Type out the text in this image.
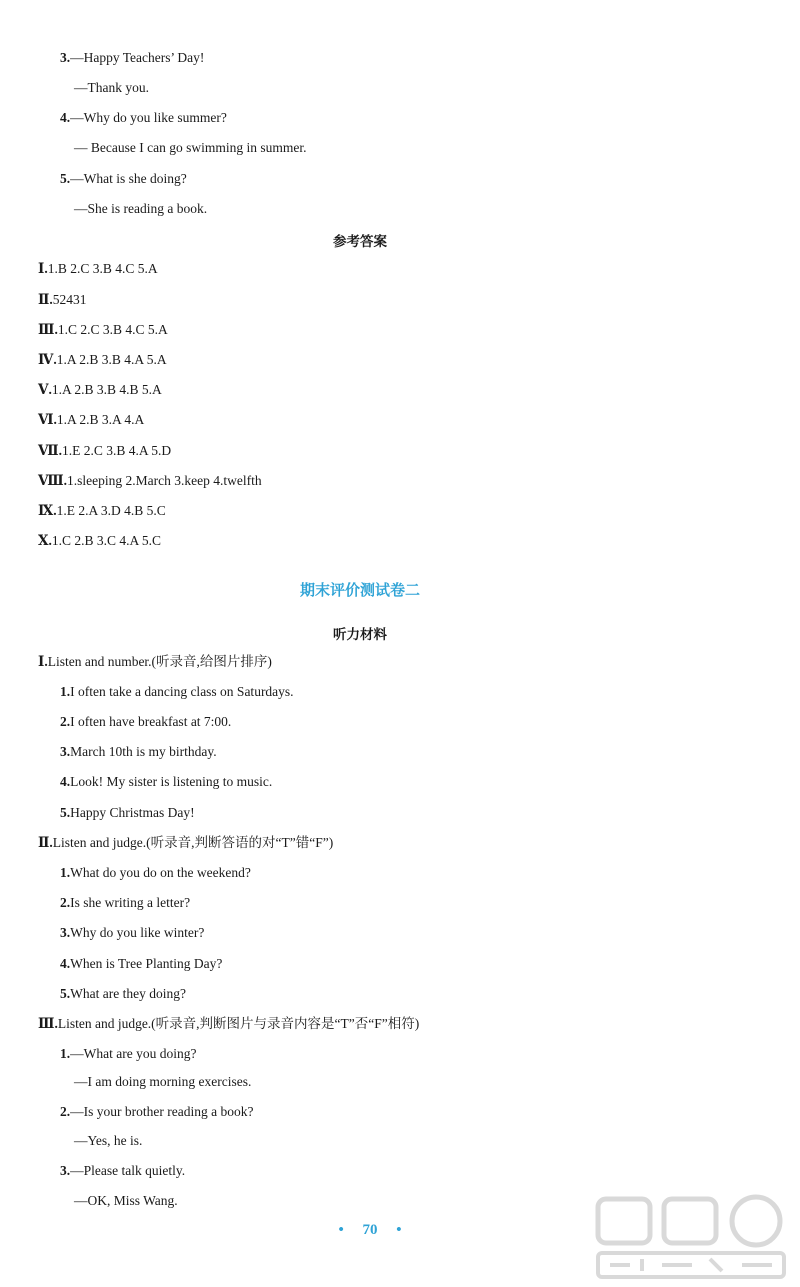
3.—Happy Teachers’ Day!
—Thank you.
4.—Why do you like summer?
— Because I can go swimming in summer.
5.—What is she doing?
—She is reading a book.
参考答案
Ⅰ.1.B 2.C 3.B 4.C 5.A
Ⅱ.52431
Ⅲ.1.C 2.C 3.B 4.C 5.A
Ⅳ.1.A 2.B 3.B 4.A 5.A
Ⅴ.1.A 2.B 3.B 4.B 5.A
Ⅵ.1.A 2.B 3.A 4.A
Ⅶ.1.E 2.C 3.B 4.A 5.D
Ⅷ.1.sleeping 2.March 3.keep 4.twelfth
Ⅸ.1.E 2.A 3.D 4.B 5.C
Ⅹ.1.C 2.B 3.C 4.A 5.C
期末评价测试卷二
听力材料
Ⅰ.Listen and number.(听录音,给图片排序)
1.I often take a dancing class on Saturdays.
2.I often have breakfast at 7:00.
3.March 10th is my birthday.
4.Look! My sister is listening to music.
5.Happy Christmas Day!
Ⅱ.Listen and judge.(听录音,判断答语的对“T”错“F”)
1.What do you do on the weekend?
2.Is she writing a letter?
3.Why do you like winter?
4.When is Tree Planting Day?
5.What are they doing?
Ⅲ.Listen and judge.(听录音,判断图片与录音内容是“T”否“F”相符)
1.—What are you doing?
—I am doing morning exercises.
2.—Is your brother reading a book?
—Yes, he is.
3.—Please talk quietly.
—OK, Miss Wang.
•     70     •
